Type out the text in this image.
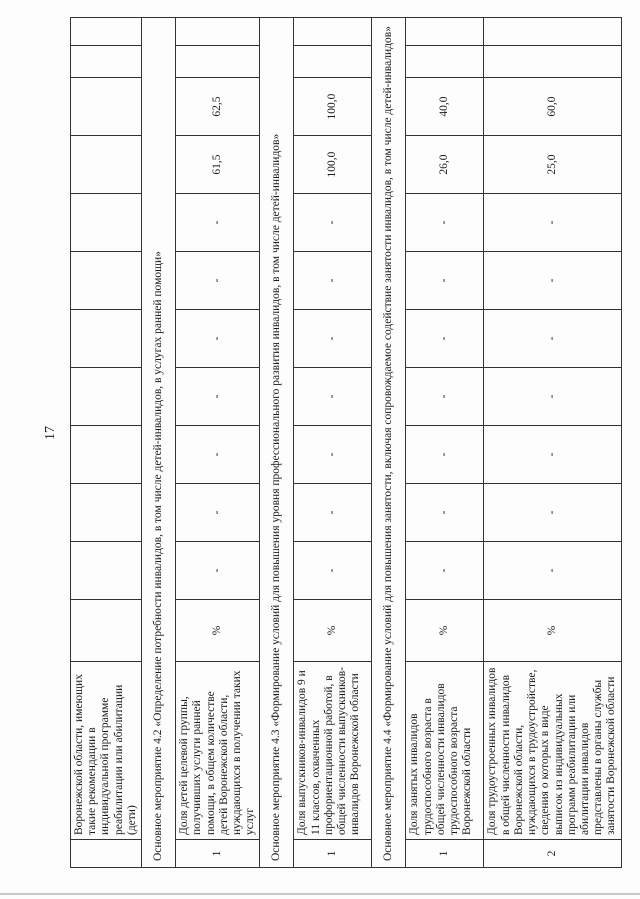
17
	Воронежской области, имеющих такие рекомендации в индивидуальной программе реабилитации или абилитации (дети)												
Основное мероприятие 4.2 «Определение потребности инвалидов, в том числе детей-инвалидов, в услугах ранней помощи»													
1	Доля детей целевой группы, получивших услуги ранней помощи, в общем количестве детей Воронежской области, нуждающихся в получении таких услуг	%	-	-	-	-	-	-	-	61,5	62,5		
Основное мероприятие 4.3 «Формирование условий для повышения уровня профессионального развития инвалидов, в том числе детей-инвалидов»													
1	Доля выпускников-инвалидов 9 и 11 классов, охваченных профориентационной работой, в общей численности выпускников-инвалидов Воронежской области	%	-	-	-	-	-	-	-	100,0	100,0		
Основное мероприятие 4.4 «Формирование условий для повышения занятости, включая сопровождаемое содействие занятости инвалидов, в том числе детей-инвалидов»													
1	Доля занятых инвалидов трудоспособного возраста в общей численности инвалидов трудоспособного возраста Воронежской области	%	-	-	-	-	-	-	-	26,0	40,0		
2	Доля трудоустроенных инвалидов в общей численности инвалидов Воронежской области, нуждающихся в трудоустройстве, сведения о которых в виде выписок из индивидуальных программ реабилитации или абилитации инвалидов представлены в органы службы занятости Воронежской области	%	-	-	-	-	-	-	-	25,0	60,0		
